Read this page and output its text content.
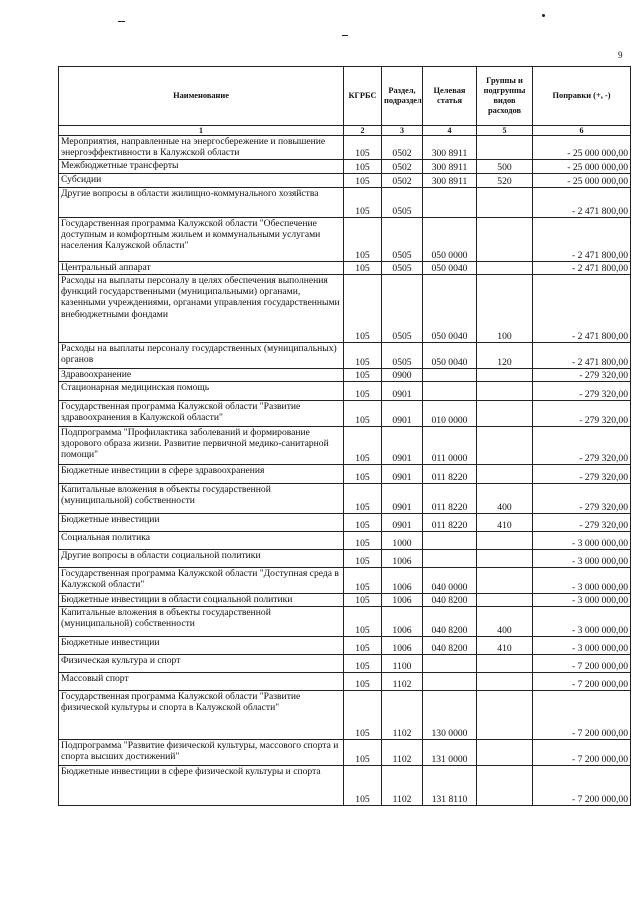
9
Наименование	КГРБС	Раздел, подраздел	Целевая статья	Группы и подгруппы видов расходов	Поправки (+, -)
1	2	3	4	5	6
Мероприятия, направленные на энергосбережение и повышение энергоэффективности в Калужской области	105	0502	300 8911		- 25 000 000,00
Межбюджетные трансферты	105	0502	300 8911	500	- 25 000 000,00
Субсидии	105	0502	300 8911	520	- 25 000 000,00
Другие вопросы в области жилищно-коммунального хозяйства	105	0505			- 2 471 800,00
Государственная программа Калужской области "Обеспечение доступным и комфортным жильем и коммунальными услугами населения Калужской области"	105	0505	050 0000		- 2 471 800,00
Центральный аппарат	105	0505	050 0040		- 2 471 800,00
Расходы на выплаты персоналу в целях обеспечения выполнения функций государственными (муниципальными) органами, казенными учреждениями, органами управления государственными внебюджетными фондами	105	0505	050 0040	100	- 2 471 800,00
Расходы на выплаты персоналу государственных (муниципальных) органов	105	0505	050 0040	120	- 2 471 800,00
Здравоохранение	105	0900			- 279 320,00
Стационарная медицинская помощь	105	0901			- 279 320,00
Государственная программа Калужской области "Развитие здравоохранения в Калужской области"	105	0901	010 0000		- 279 320,00
Подпрограмма "Профилактика заболеваний и формирование здорового образа жизни. Развитие первичной медико-санитарной помощи"	105	0901	011 0000		- 279 320,00
Бюджетные инвестиции в сфере здравоохранения	105	0901	011 8220		- 279 320,00
Капитальные вложения в объекты государственной (муниципальной) собственности	105	0901	011 8220	400	- 279 320,00
Бюджетные инвестиции	105	0901	011 8220	410	- 279 320,00
Социальная политика	105	1000			- 3 000 000,00
Другие вопросы в области социальной политики	105	1006			- 3 000 000,00
Государственная программа Калужской области "Доступная среда в Калужской области"	105	1006	040 0000		- 3 000 000,00
Бюджетные инвестиции в области социальной политики	105	1006	040 8200		- 3 000 000,00
Капитальные вложения в объекты государственной (муниципальной) собственности	105	1006	040 8200	400	- 3 000 000,00
Бюджетные инвестиции	105	1006	040 8200	410	- 3 000 000,00
Физическая культура и спорт	105	1100			- 7 200 000,00
Массовый спорт	105	1102			- 7 200 000,00
Государственная программа Калужской области "Развитие физической культуры и спорта в Калужской области"	105	1102	130 0000		- 7 200 000,00
Подпрограмма "Развитие физической культуры, массового спорта и спорта высших достижений"	105	1102	131 0000		- 7 200 000,00
Бюджетные инвестиции в сфере физической культуры и спорта	105	1102	131 8110		- 7 200 000,00
